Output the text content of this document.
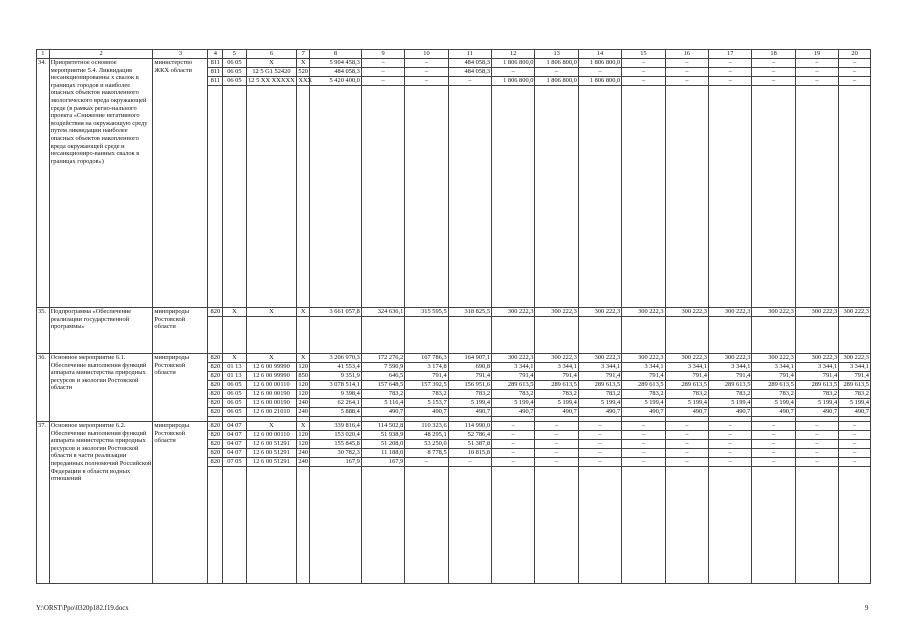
1	2	3	4	5	6	7	8	9	10	11	12	13	14	15	16	17	18	19	20
34.	Приоритетное основное мероприятие 5.4. Ликвидация несанкционированны х свалок в границах городов и наиболее опасных объектов накопленного экологического вреда окружающей среде (в рамках регио-нального проекта «Снижение негативного воздействия на окружающую среду путем ликвидации наиболее опасных объектов накопленного вреда окружающей среде и несанкциониро-ванных свалок в границах городов»)	министерство ЖКХ области	811	06 05	X	X	5 904 458,3	–	–	484 058,3	1 806 800,0	1 806 800,0	1 806 800,0	–	–	–	–	–	–
			811	06 05	12 5 G1 52420	520	484 058,3	–	–	484 058,3	–	–	–	–	–	–	–	–	–
			811	06 05	12 5 XX XXXXX	XXX	5 420 400,0	–	–	–	1 806 800,0	1 806 800,0	1 806 800,0	–	–	–	–	–	–

35.	Подпрограмма «Обеспечение реализации государственной программы»	минприроды Ростовской области	820	X	X	X	3 661 057,8	324 636,1	315 595,5	318 825,5	300 222,3	300 222,3	300 222,3	300 222,3	300 222,3	300 222,3	300 222,3	300 222,3	300 222,3

36.	Основное мероприятие 6.1. Обеспечение выполнения функций аппарата министерства природных ресурсов и экологии Ростовской области	минприроды Ростовской области	820	X	X	X	3 206 970,3	172 276,2	167 786,3	164 907,1	300 222,3	300 222,3	300 222,3	300 222,3	300 222,3	300 222,3	300 222,3	300 222,3	300 222,3
			820	01 13	12 6 00 99990	120	41 553,4	7 590,9	3 174,8	690,8	3 344,1	3 344,1	3 344,1	3 344,1	3 344,1	3 344,1	3 344,1	3 344,1	3 344,1
			820	01 13	12 6 00 99990	850	9 351,9	646,5	791,4	791,4	791,4	791,4	791,4	791,4	791,4	791,4	791,4	791,4	791,4
			820	06 05	12 6 00 00110	120	3 078 514,1	157 648,5	157 392,5	156 951,6	289 613,5	289 613,5	289 613,5	289 613,5	289 613,5	289 613,5	289 613,5	289 613,5	289 613,5
			820	06 05	12 6 00 00190	120	9 398,4	783,2	783,2	783,2	783,2	783,2	783,2	783,2	783,2	783,2	783,2	783,2	783,2
			820	06 05	12 6 00 00190	240	62 264,1	5 116,4	5 153,7	5 199,4	5 199,4	5 199,4	5 199,4	5 199,4	5 199,4	5 199,4	5 199,4	5 199,4	5 199,4
			820	06 05	12 6 00 21010	240	5 888,4	490,7	490,7	490,7	490,7	490,7	490,7	490,7	490,7	490,7	490,7	490,7	490,7

37.	Основное мероприятие 6.2. Обеспечение выполнения функций аппарата министерства природных ресурсов и экологии Ростовской области в части реализации переданных полномочий Российской Федерации в области водных отношений	минприроды Ростовской области	820	04 07	X	X	339 816,4	114 502,8	110 323,6	114 990,0	–	–	–	–	–	–	–	–	–
			820	04 07	12 6 00 00110	120	153 020,4	51 938,9	48 295,1	52 786,4	–	–	–	–	–	–	–	–	–
			820	04 07	12 6 00 51291	120	155 845,8	51 208,0	53 250,0	51 387,8	–	–	–	–	–	–	–	–	–
			820	04 07	12 6 00 51291	240	30 782,3	11 188,0	8 778,5	10 815,8	–	–	–	–	–	–	–	–	–
			820	07 05	12 6 00 51291	240	167,9	167,9	–	–	–	–	–	–	–	–	–	–	–

Y:\ORST\Ppo\0320p182.f19.docx	9
